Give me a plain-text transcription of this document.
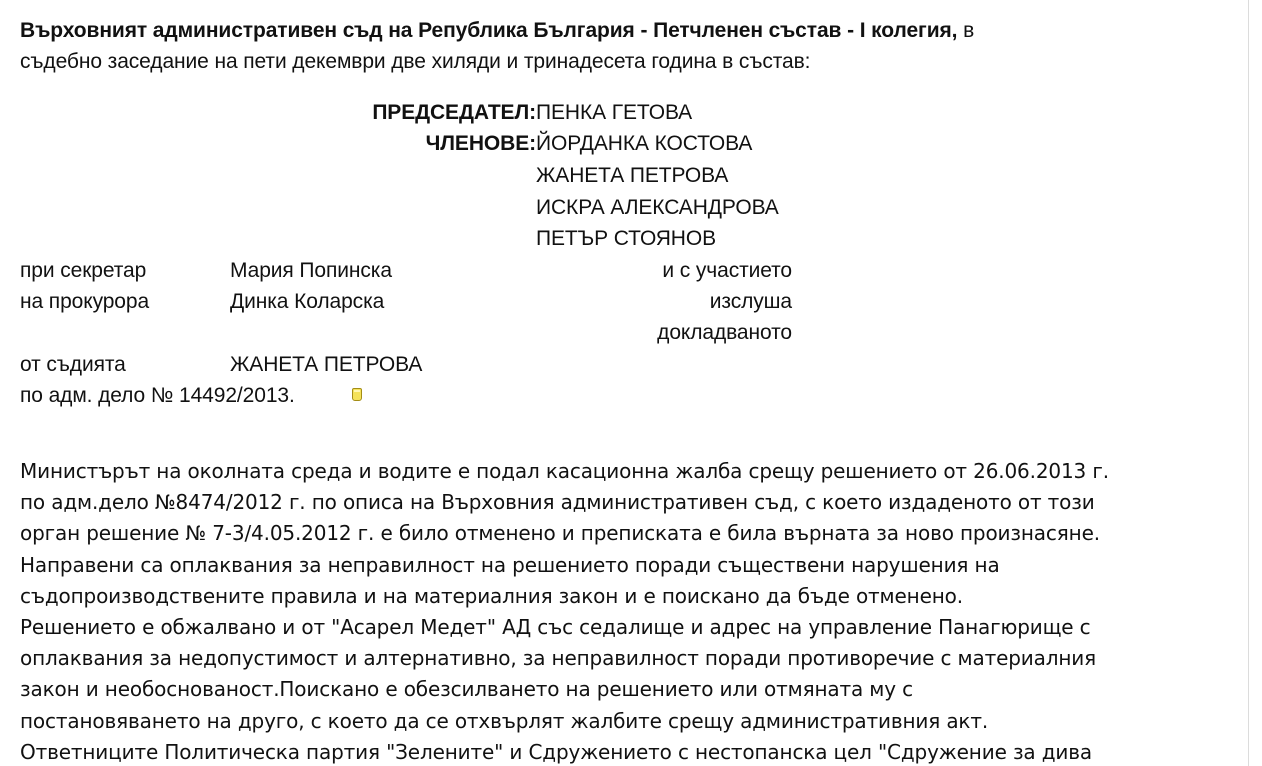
Върховният административен съд на Република България - Петчленен състав - I колегия, в
съдебно заседание на пети декември две хиляди и тринадесета година в състав:
ПРЕДСЕДАТЕЛ: ПЕНКА ГЕТОВА
ЧЛЕНОВЕ: ЙОРДАНКА КОСТОВА
ЖАНЕТА ПЕТРОВА
ИСКРА АЛЕКСАНДРОВА
ПЕТЪР СТОЯНОВ
при секретар	Мария Попинска	и с участието
на прокурора	Динка Коларска	изслуша
докладваното
от съдията	ЖАНЕТА ПЕТРОВА
по адм. дело № 14492/2013.
Министърът на околната среда и водите е подал касационна жалба срещу решението от 26.06.2013 г.
по адм.дело №8474/2012 г. по описа на Върховния административен съд, с което издаденото от този
орган решение № 7-3/4.05.2012 г. е било отменено и преписката е била върната за ново произнасяне.
Направени са оплаквания за неправилност на решението поради съществени нарушения на
съдопроизводствените правила и на материалния закон и е поискано да бъде отменено.
Решението е обжалвано и от "Асарел Медет" АД със седалище и адрес на управление Панагюрище с
оплаквания за недопустимост и алтернативно, за неправилност поради противоречие с материалния
закон и необоснованост.Поискано е обезсилването на решението или отмяната му с
постановяването на друго, с което да се отхвърлят жалбите срещу административния акт.
Ответниците Политическа партия "Зелените" и Сдружението с нестопанска цел "Сдружение за дива
